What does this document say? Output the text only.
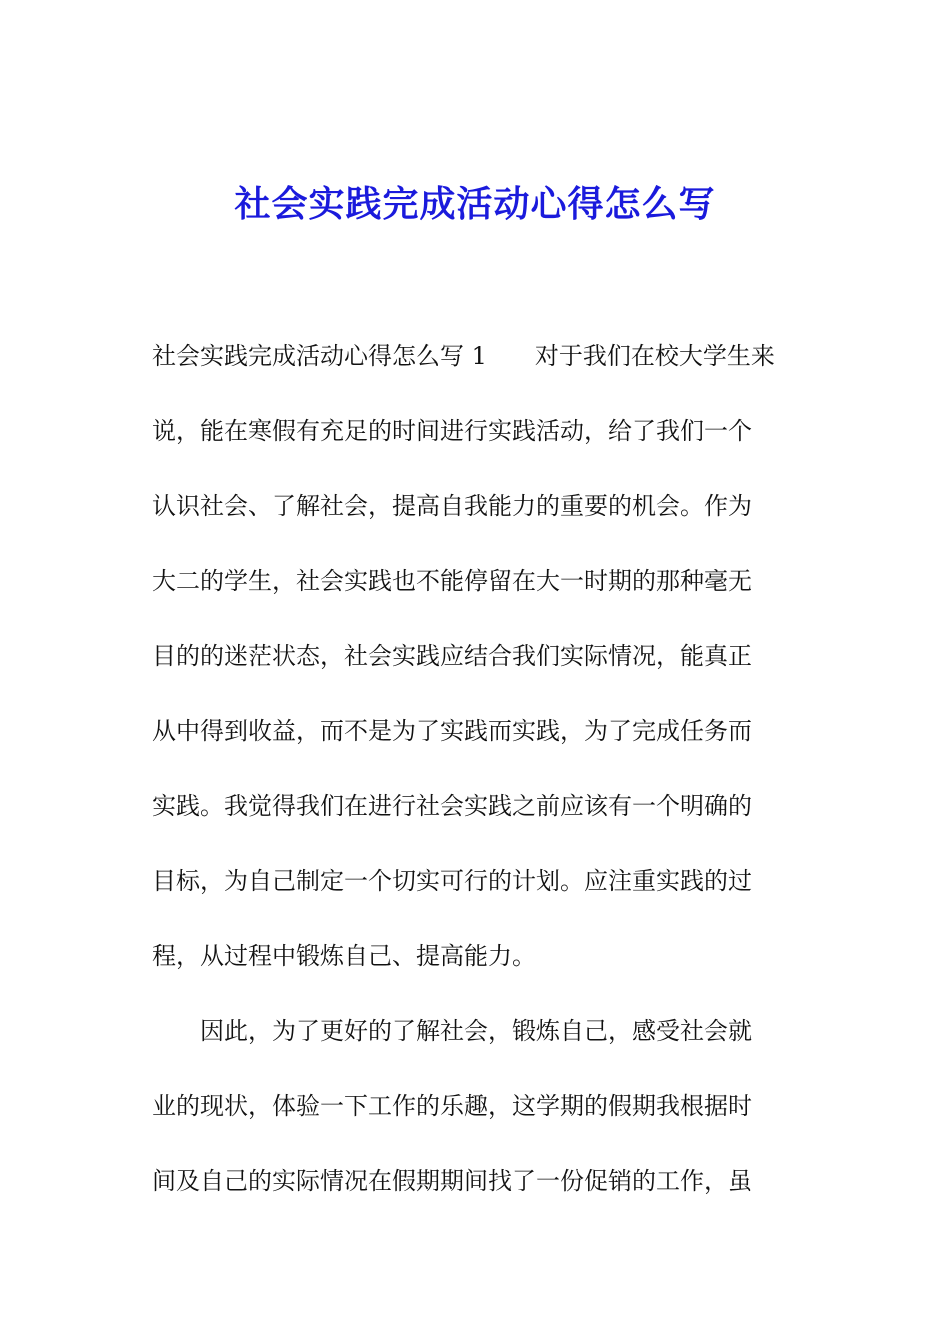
社会实践完成活动心得怎么写
社会实践完成活动心得怎么写 1　　对于我们在校大学生来
说，能在寒假有充足的时间进行实践活动，给了我们一个
认识社会、了解社会，提高自我能力的重要的机会。作为
大二的学生，社会实践也不能停留在大一时期的那种毫无
目的的迷茫状态，社会实践应结合我们实际情况，能真正
从中得到收益，而不是为了实践而实践，为了完成任务而
实践。我觉得我们在进行社会实践之前应该有一个明确的
目标，为自己制定一个切实可行的计划。应注重实践的过
程，从过程中锻炼自己、提高能力。
　　因此，为了更好的了解社会，锻炼自己，感受社会就
业的现状，体验一下工作的乐趣，这学期的假期我根据时
间及自己的实际情况在假期期间找了一份促销的工作，虽
